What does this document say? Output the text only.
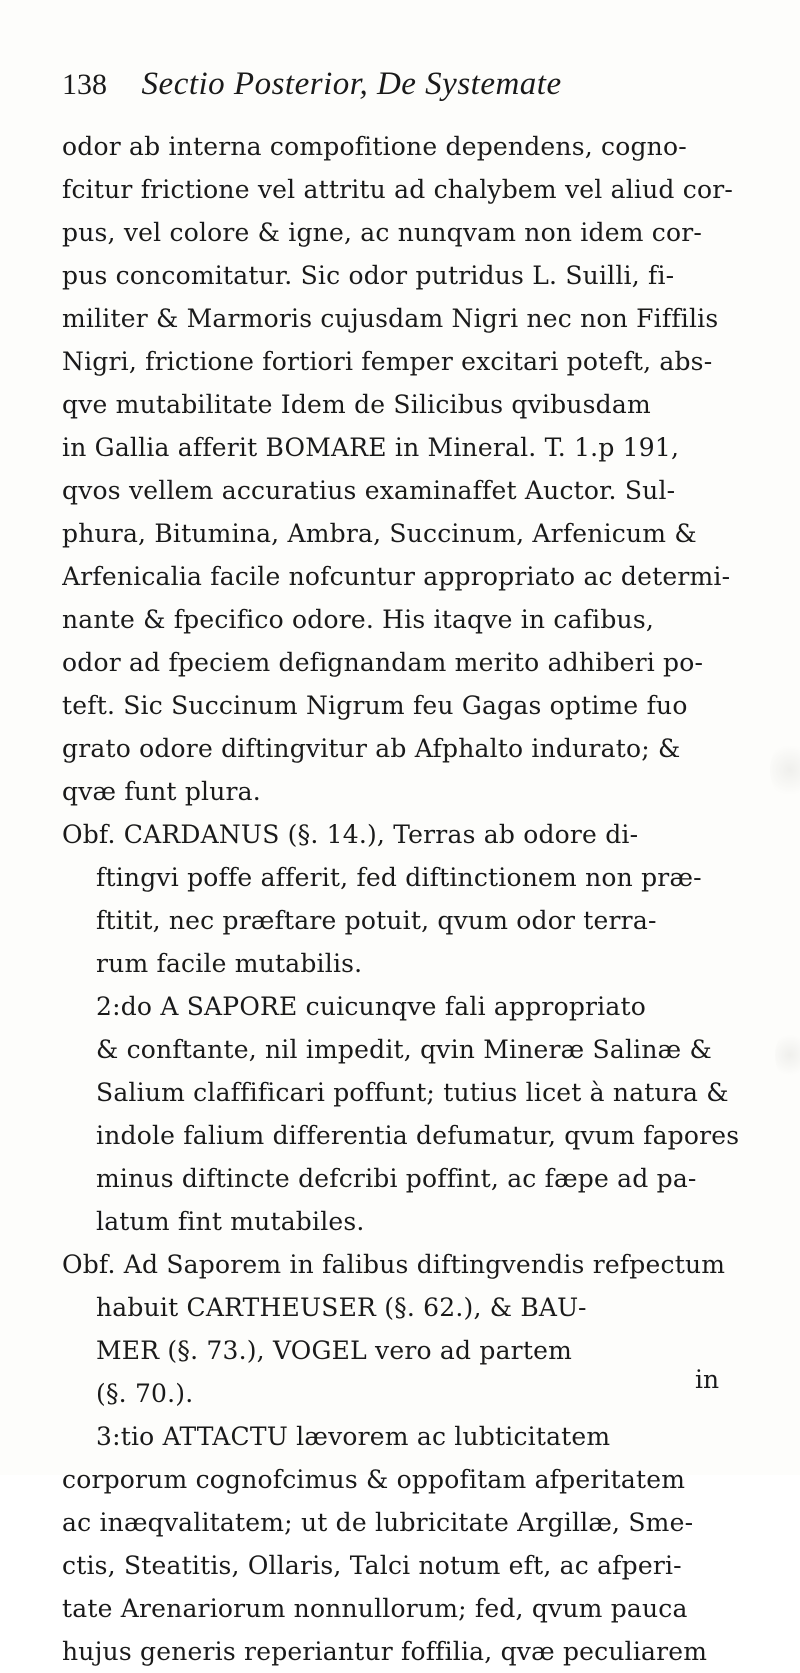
138 Sectio Posterior, De Systemate
odor ab interna compofitione dependens, cogno-
fcitur frictione vel attritu ad chalybem vel aliud cor-
pus, vel colore & igne, ac nunqvam non idem cor-
pus concomitatur. Sic odor putridus L. Suilli, fi-
militer & Marmoris cujusdam Nigri nec non Fiffilis
Nigri, frictione fortiori femper excitari poteft, abs-
qve mutabilitate Idem de Silicibus qvibusdam
in Gallia afferit BOMARE in Mineral. T. 1.p 191,
qvos vellem accuratius examinaffet Auctor. Sul-
phura, Bitumina, Ambra, Succinum, Arfenicum &
Arfenicalia facile nofcuntur appropriato ac determi-
nante & fpecifico odore. His itaqve in cafibus,
odor ad fpeciem defignandam merito adhiberi po-
teft. Sic Succinum Nigrum feu Gagas optime fuo
grato odore diftingvitur ab Afphalto indurato; &
qvæ funt plura.
Obf. CARDANUS (§. 14.), Terras ab odore di-
ftingvi poffe afferit, fed diftinctionem non præ-
ftitit, nec præftare potuit, qvum odor terra-
rum facile mutabilis.
2:do A SAPORE cuicunqve fali appropriato
& conftante, nil impedit, qvin Mineræ Salinæ &
Salium claffificari poffunt; tutius licet à natura &
indole falium differentia defumatur, qvum fapores
minus diftincte defcribi poffint, ac fæpe ad pa-
latum fint mutabiles.
Obf. Ad Saporem in falibus diftingvendis refpectum
habuit CARTHEUSER (§. 62.), & BAU-
MER (§. 73.), VOGEL vero ad partem
(§. 70.).
3:tio ATTACTU lævorem ac lubticitatem
corporum cognofcimus & oppofitam afperitatem
ac inæqvalitatem; ut de lubricitate Argillæ, Sme-
ctis, Steatitis, Ollaris, Talci notum eft, ac afperi-
tate Arenariorum nonnullorum; fed, qvum pauca
hujus generis reperiantur foffilia, qvæ peculiarem
in
